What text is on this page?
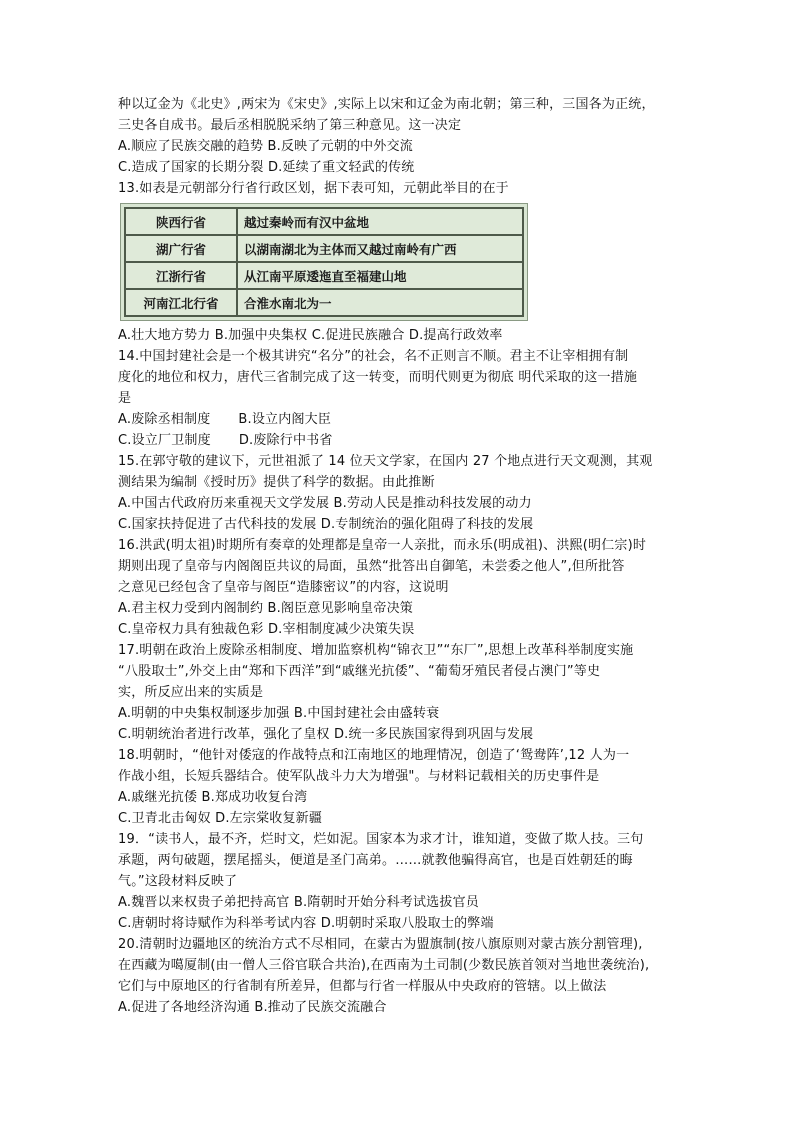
种以辽金为《北史》,两宋为《宋史》,实际上以宋和辽金为南北朝；第三种，三国各为正统，
三史各自成书。最后丞相脱脱采纳了第三种意见。这一决定
A.顺应了民族交融的趋势 B.反映了元朝的中外交流
C.造成了国家的长期分裂 D.延续了重文轻武的传统
13.如表是元朝部分行省行政区划，据下表可知，元朝此举目的在于
陕西行省	越过秦岭而有汉中盆地
湖广行省	以湖南湖北为主体而又越过南岭有广西
江浙行省	从江南平原逶迤直至福建山地
河南江北行省	合淮水南北为一
A.壮大地方势力 B.加强中央集权 C.促进民族融合 D.提高行政效率
14.中国封建社会是一个极其讲究“名分”的社会，名不正则言不顺。君主不让宰相拥有制
度化的地位和权力，唐代三省制完成了这一转变，而明代则更为彻底 明代采取的这一措施
是
A.废除丞相制度 B.设立内阁大臣
C.设立厂卫制度 D.废除行中书省
15.在郭守敬的建议下，元世祖派了 14 位天文学家，在国内 27 个地点进行天文观测，其观
测结果为编制《授时历》提供了科学的数据。由此推断
A.中国古代政府历来重视天文学发展 B.劳动人民是推动科技发展的动力
C.国家扶持促进了古代科技的发展 D.专制统治的强化阻碍了科技的发展
16.洪武(明太祖)时期所有奏章的处理都是皇帝一人亲批，而永乐(明成祖)、洪熙(明仁宗)时
期则出现了皇帝与内阁阁臣共议的局面，虽然“批答出自御笔，未尝委之他人”,但所批答
之意见已经包含了皇帝与阁臣“造膝密议”的内容，这说明
A.君主权力受到内阁制约 B.阁臣意见影响皇帝决策
C.皇帝权力具有独裁色彩 D.宰相制度减少决策失误
17.明朝在政治上废除丞相制度、增加监察机构“锦衣卫”“东厂”,思想上改革科举制度实施
“八股取士”,外交上由“郑和下西洋”到“戚继光抗倭”、“葡萄牙殖民者侵占澳门”等史
实，所反应出来的实质是
A.明朝的中央集权制逐步加强 B.中国封建社会由盛转衰
C.明朝统治者进行改革，强化了皇权 D.统一多民族国家得到巩固与发展
18.明朝时，“他针对倭寇的作战特点和江南地区的地理情况，创造了‘鸳鸯阵’,12 人为一
作战小组，长短兵器结合。使军队战斗力大为增强"。与材料记载相关的历史事件是
A.戚继光抗倭 B.郑成功收复台湾
C.卫青北击匈奴 D.左宗棠收复新疆
19．“读书人，最不齐，烂时文，烂如泥。国家本为求才计，谁知道，变做了欺人技。三句
承题，两句破题，摆尾摇头，便道是圣门高弟。……就教他骗得高官，也是百姓朝廷的晦
气。”这段材料反映了
A.魏晋以来权贵子弟把持高官 B.隋朝时开始分科考试选拔官员
C.唐朝时将诗赋作为科举考试内容 D.明朝时采取八股取士的弊端
20.清朝时边疆地区的统治方式不尽相同，在蒙古为盟旗制(按八旗原则对蒙古族分割管理),
在西藏为噶厦制(由一僧人三俗官联合共治),在西南为土司制(少数民族首领对当地世袭统治),
它们与中原地区的行省制有所差异，但都与行省一样服从中央政府的管辖。以上做法
A.促进了各地经济沟通 B.推动了民族交流融合
